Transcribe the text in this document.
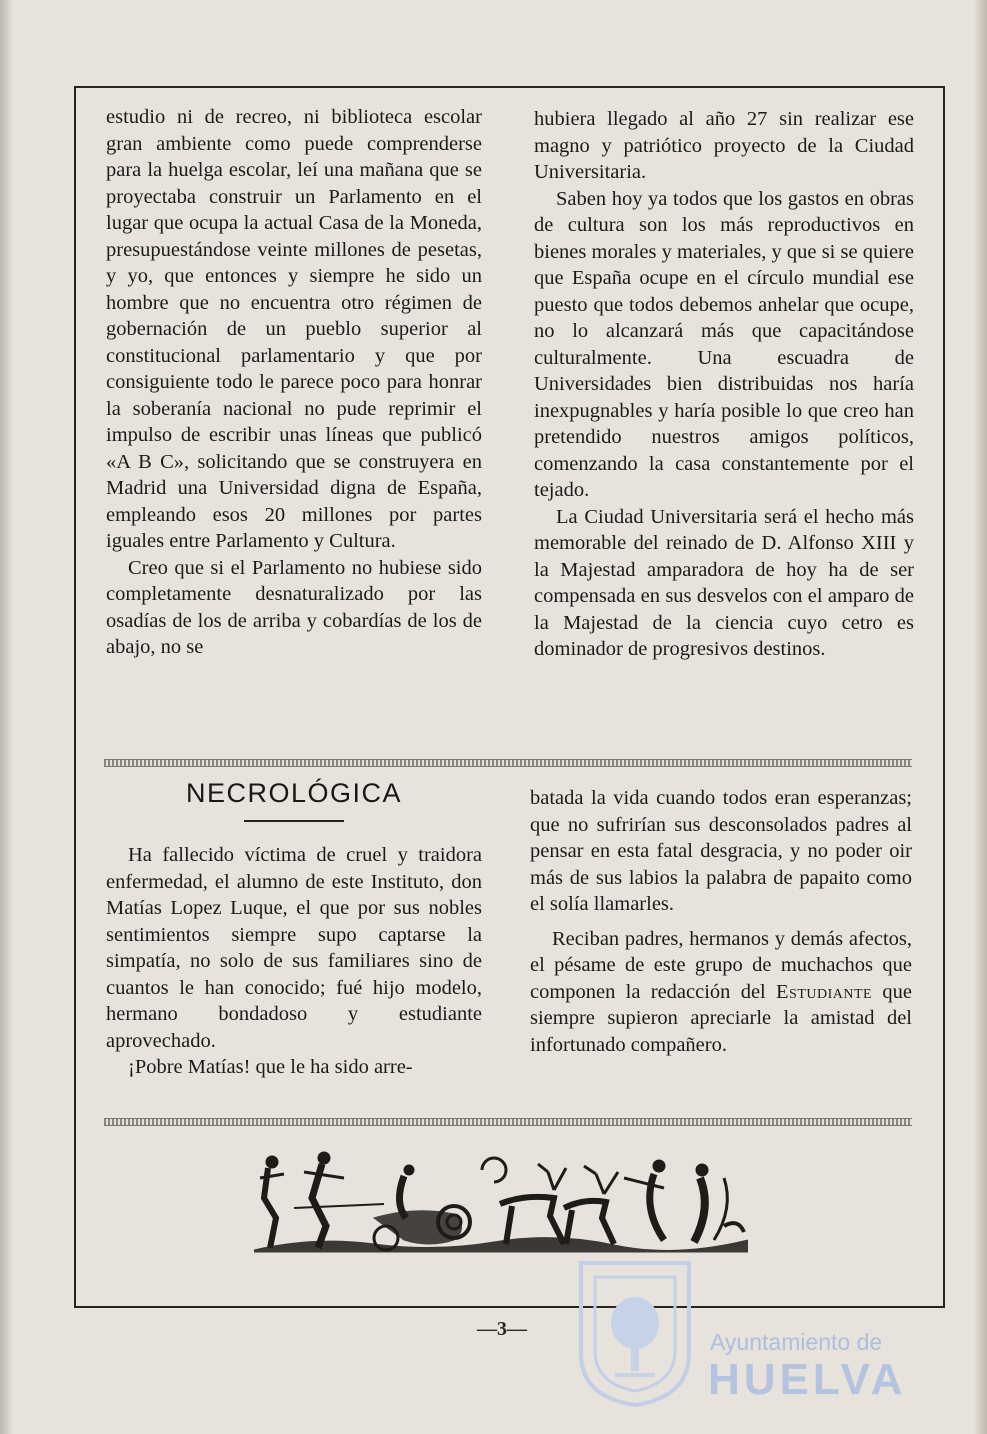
estudio ni de recreo, ni biblioteca escolar gran ambiente como puede comprenderse para la huelga escolar, leí una mañana que se proyectaba construir un Parlamento en el lugar que ocupa la actual Casa de la Moneda, presupuestándose veinte millones de pesetas, y yo, que entonces y siempre he sido un hombre que no encuentra otro régimen de gobernación de un pueblo superior al constitucional parlamentario y que por consiguiente todo le parece poco para honrar la soberanía nacional no pude reprimir el impulso de escribir unas líneas que publicó «A B C», solicitando que se construyera en Madrid una Universidad digna de España, empleando esos 20 millones por partes iguales entre Parlamento y Cultura.

Creo que si el Parlamento no hubiese sido completamente desnaturalizado por las osadías de los de arriba y cobardías de los de abajo, no se

hubiera llegado al año 27 sin realizar ese magno y patriótico proyecto de la Ciudad Universitaria.

Saben hoy ya todos que los gastos en obras de cultura son los más reproductivos en bienes morales y materiales, y que si se quiere que España ocupe en el círculo mundial ese puesto que todos debemos anhelar que ocupe, no lo alcanzará más que capacitándose culturalmente. Una escuadra de Universidades bien distribuidas nos haría inexpugnables y haría posible lo que creo han pretendido nuestros amigos políticos, comenzando la casa constantemente por el tejado.

La Ciudad Universitaria será el hecho más memorable del reinado de D. Alfonso XIII y la Majestad amparadora de hoy ha de ser compensada en sus desvelos con el amparo de la Majestad de la ciencia cuyo cetro es dominador de progresivos destinos.

NECROLÓGICA

Ha fallecido víctima de cruel y traidora enfermedad, el alumno de este Instituto, don Matías Lopez Luque, el que por sus nobles sentimientos siempre supo captarse la simpatía, no solo de sus familiares sino de cuantos le han conocido; fué hijo modelo, hermano bondadoso y estudiante aprovechado.

¡Pobre Matías! que le ha sido arre-

batada la vida cuando todos eran esperanzas; que no sufrirían sus desconsolados padres al pensar en esta fatal desgracia, y no poder oir más de sus labios la palabra de papaito como el solía llamarles.

Reciban padres, hermanos y demás afectos, el pésame de este grupo de muchachos que componen la redacción del Estudiante que siempre supieron apreciarle la amistad del infortunado compañero.

—3—	Ayuntamiento de
HUELVA
